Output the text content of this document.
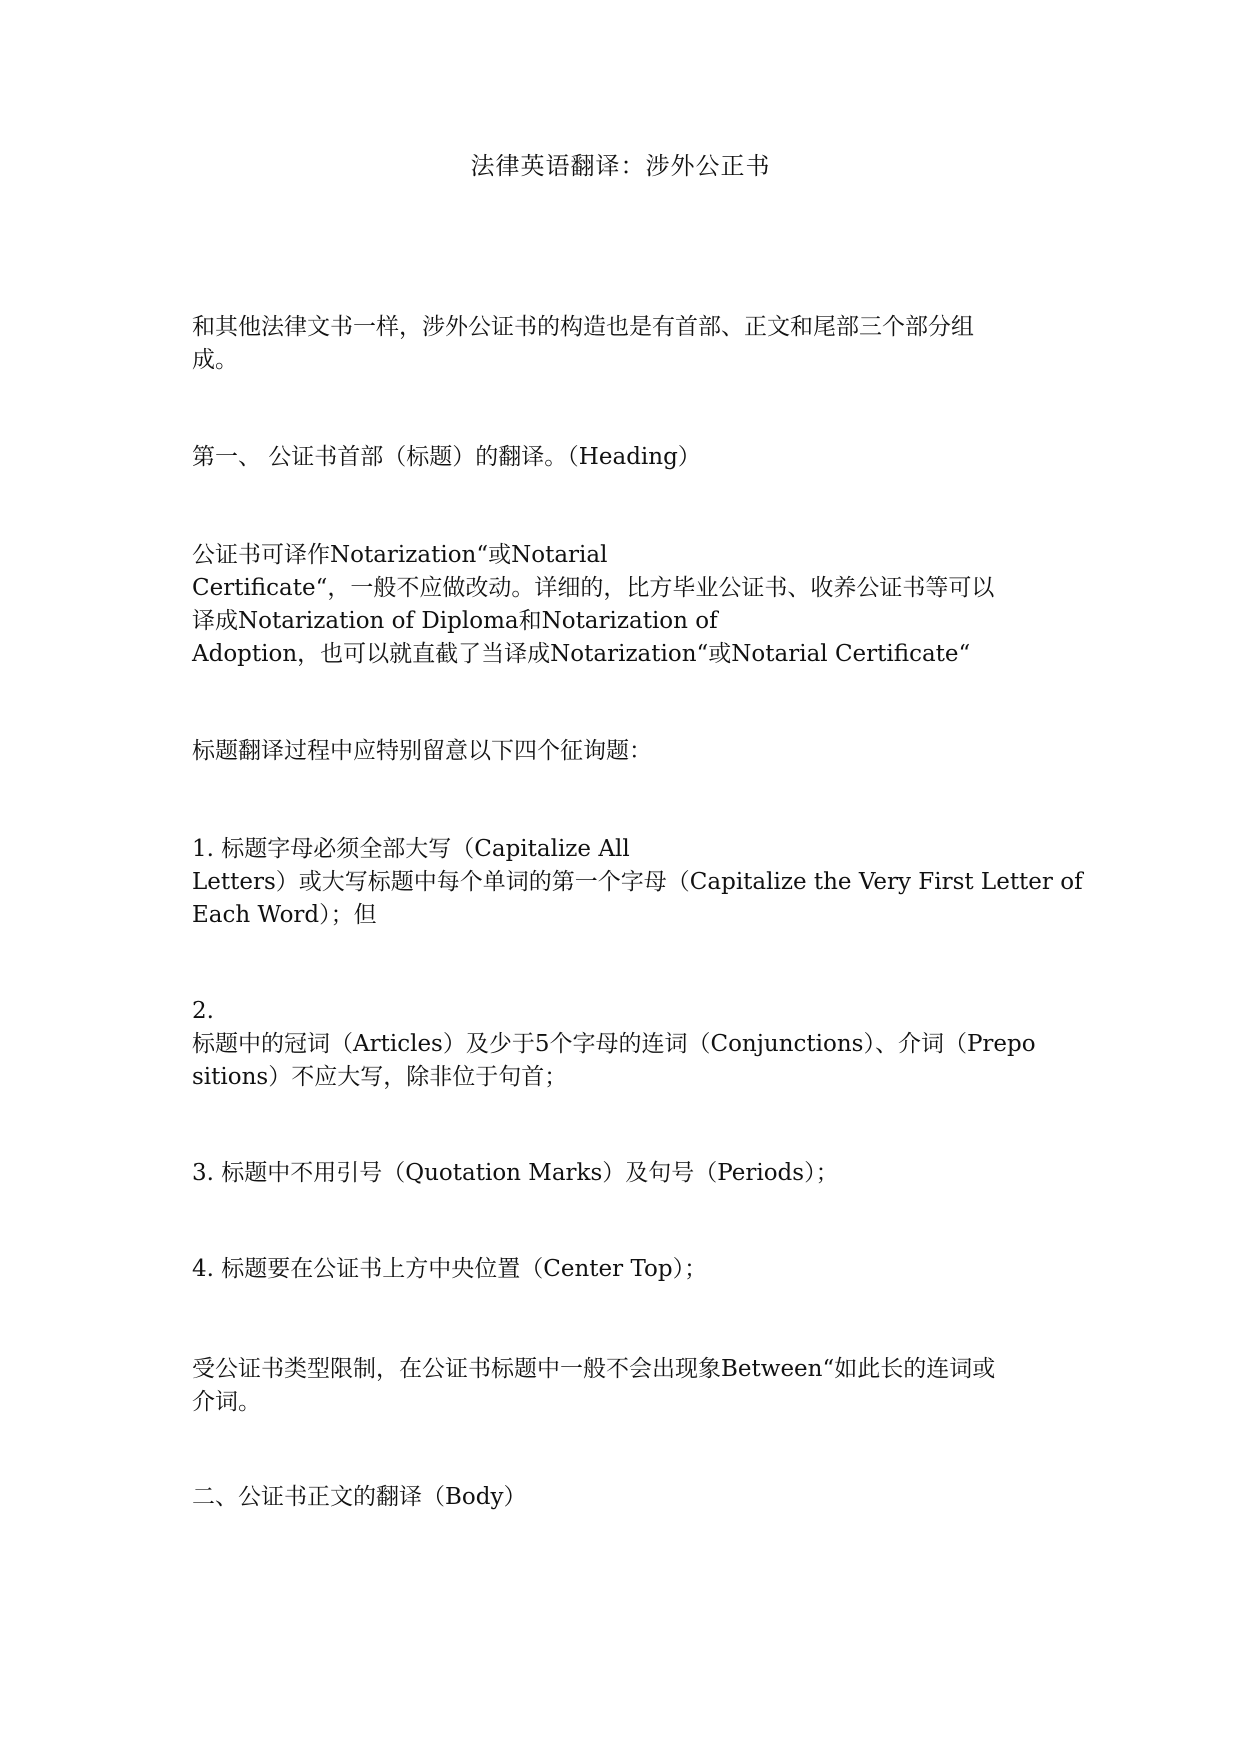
法律英语翻译：涉外公正书
和其他法律文书一样，涉外公证书的构造也是有首部、正文和尾部三个部分组
成。
第一、 公证书首部（标题）的翻译。（Heading）
公证书可译作Notarization“或Notarial
Certificate“，一般不应做改动。详细的，比方毕业公证书、收养公证书等可以
译成Notarization of Diploma和Notarization of
Adoption，也可以就直截了当译成Notarization“或Notarial Certificate“
标题翻译过程中应特别留意以下四个征询题：
1. 标题字母必须全部大写（Capitalize All
Letters）或大写标题中每个单词的第一个字母（Capitalize the Very First Letter of
Each Word）；但
2.
标题中的冠词（Articles）及少于5个字母的连词（Conjunctions）、介词（Prepo
sitions）不应大写，除非位于句首；
3. 标题中不用引号（Quotation Marks）及句号（Periods）；
4. 标题要在公证书上方中央位置（Center Top）；
受公证书类型限制，在公证书标题中一般不会出现象Between“如此长的连词或
介词。
二、公证书正文的翻译（Body）
